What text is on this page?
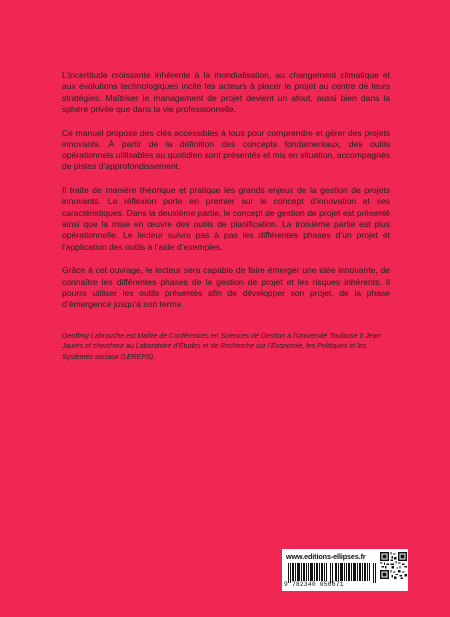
L’incertitude croissante inhérente à la mondialisation, au changement climatique et aux évolutions technologiques incite les acteurs à placer le projet au centre de leurs stratégies. Maîtriser le management de projet devient un atout, aussi bien dans la sphère privée que dans la vie professionnelle.

Ce manuel propose des clés accessibles à tous pour comprendre et gérer des projets innovants. À partir de la définition des concepts fondamentaux, des outils opérationnels utilisables au quotidien sont présentés et mis en situation, accompagnés de pistes d’approfondissement.

Il traite de manière théorique et pratique les grands enjeux de la gestion de projets innovants. La réflexion porte en premier sur le concept d’innovation et ses caractéristiques. Dans la deuxième partie, le concept de gestion de projet est présenté ainsi que la mise en œuvre des outils de planification. La troisième partie est plus opérationnelle. Le lecteur suivra pas à pas les différentes phases d’un projet et l’application des outils à l’aide d’exemples.

Grâce à cet ouvrage, le lecteur sera capable de faire émerger une idée innovante, de connaître les différentes phases de la gestion de projet et les risques inhérents. Il pourra utiliser les outils présentés afin de développer son projet, de la phase d’émergence jusqu’à son terme.

Geoffroy Labrouche est Maître de Conférences en Sciences de Gestion à l’Université Toulouse II Jean Jaurès et chercheur au Laboratoire d’Études et de Recherche sur l’Économie, les Politiques et les Systèmes sociaux (LEREPS).
www.editions-ellipses.fr
9 782340 056671
